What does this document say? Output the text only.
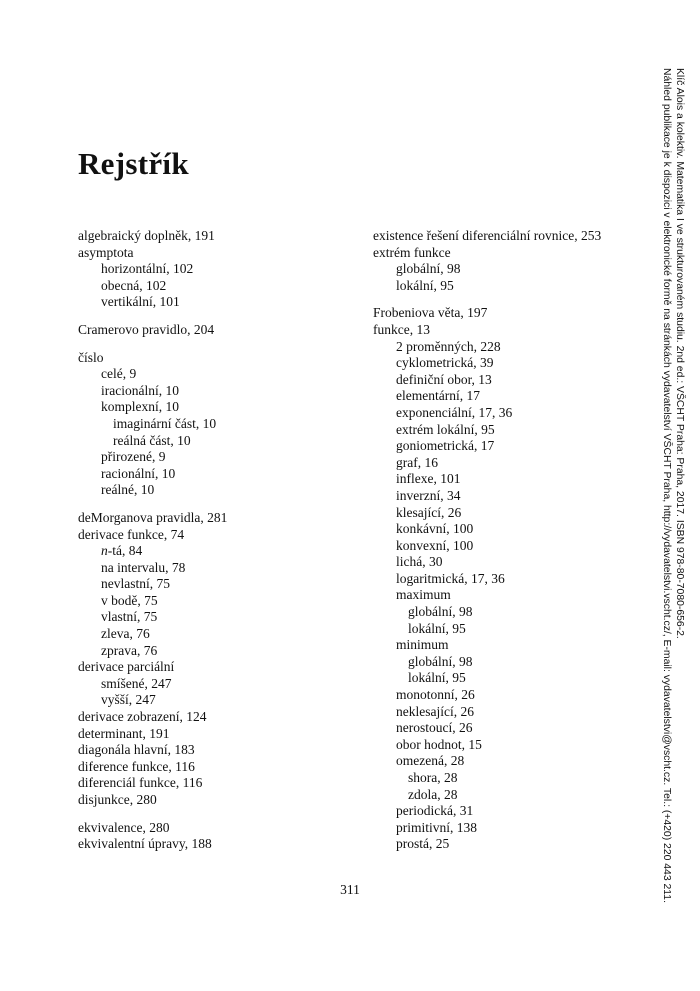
Rejstřík
algebraický doplněk, 191
asymptota
horizontální, 102
obecná, 102
vertikální, 101
Cramerovo pravidlo, 204
číslo
celé, 9
iracionální, 10
komplexní, 10
imaginární část, 10
reálná část, 10
přirozené, 9
racionální, 10
reálné, 10
deMorganova pravidla, 281
derivace funkce, 74
n-tá, 84
na intervalu, 78
nevlastní, 75
v bodě, 75
vlastní, 75
zleva, 76
zprava, 76
derivace parciální
smíšené, 247
vyšší, 247
derivace zobrazení, 124
determinant, 191
diagonála hlavní, 183
diference funkce, 116
diferenciál funkce, 116
disjunkce, 280
ekvivalence, 280
ekvivalentní úpravy, 188
existence řešení diferenciální rovnice, 253
extrém funkce
globální, 98
lokální, 95
Frobeniova věta, 197
funkce, 13
2 proměnných, 228
cyklometrická, 39
definiční obor, 13
elementární, 17
exponenciální, 17, 36
extrém lokální, 95
goniometrická, 17
graf, 16
inflexe, 101
inverzní, 34
klesající, 26
konkávní, 100
konvexní, 100
lichá, 30
logaritmická, 17, 36
maximum
globální, 98
lokální, 95
minimum
globální, 98
lokální, 95
monotonní, 26
neklesající, 26
nerostoucí, 26
obor hodnot, 15
omezená, 28
shora, 28
zdola, 28
periodická, 31
primitivní, 138
prostá, 25
311
Klíč Alois a kolektiv. Matematika I ve strukturovaném studiu. 2nd ed.: VŠCHT Praha: Praha, 2017. ISBN 978-80-7080-656-2.
Náhled publikace je k dispozici v elektronické formě na stránkách vydavatelství VŠCHT Praha, http://vydavatelstvi.vscht.cz/, E-mail: vydavatelstvi@vscht.cz. Tel.: (+420) 220 443 211.
